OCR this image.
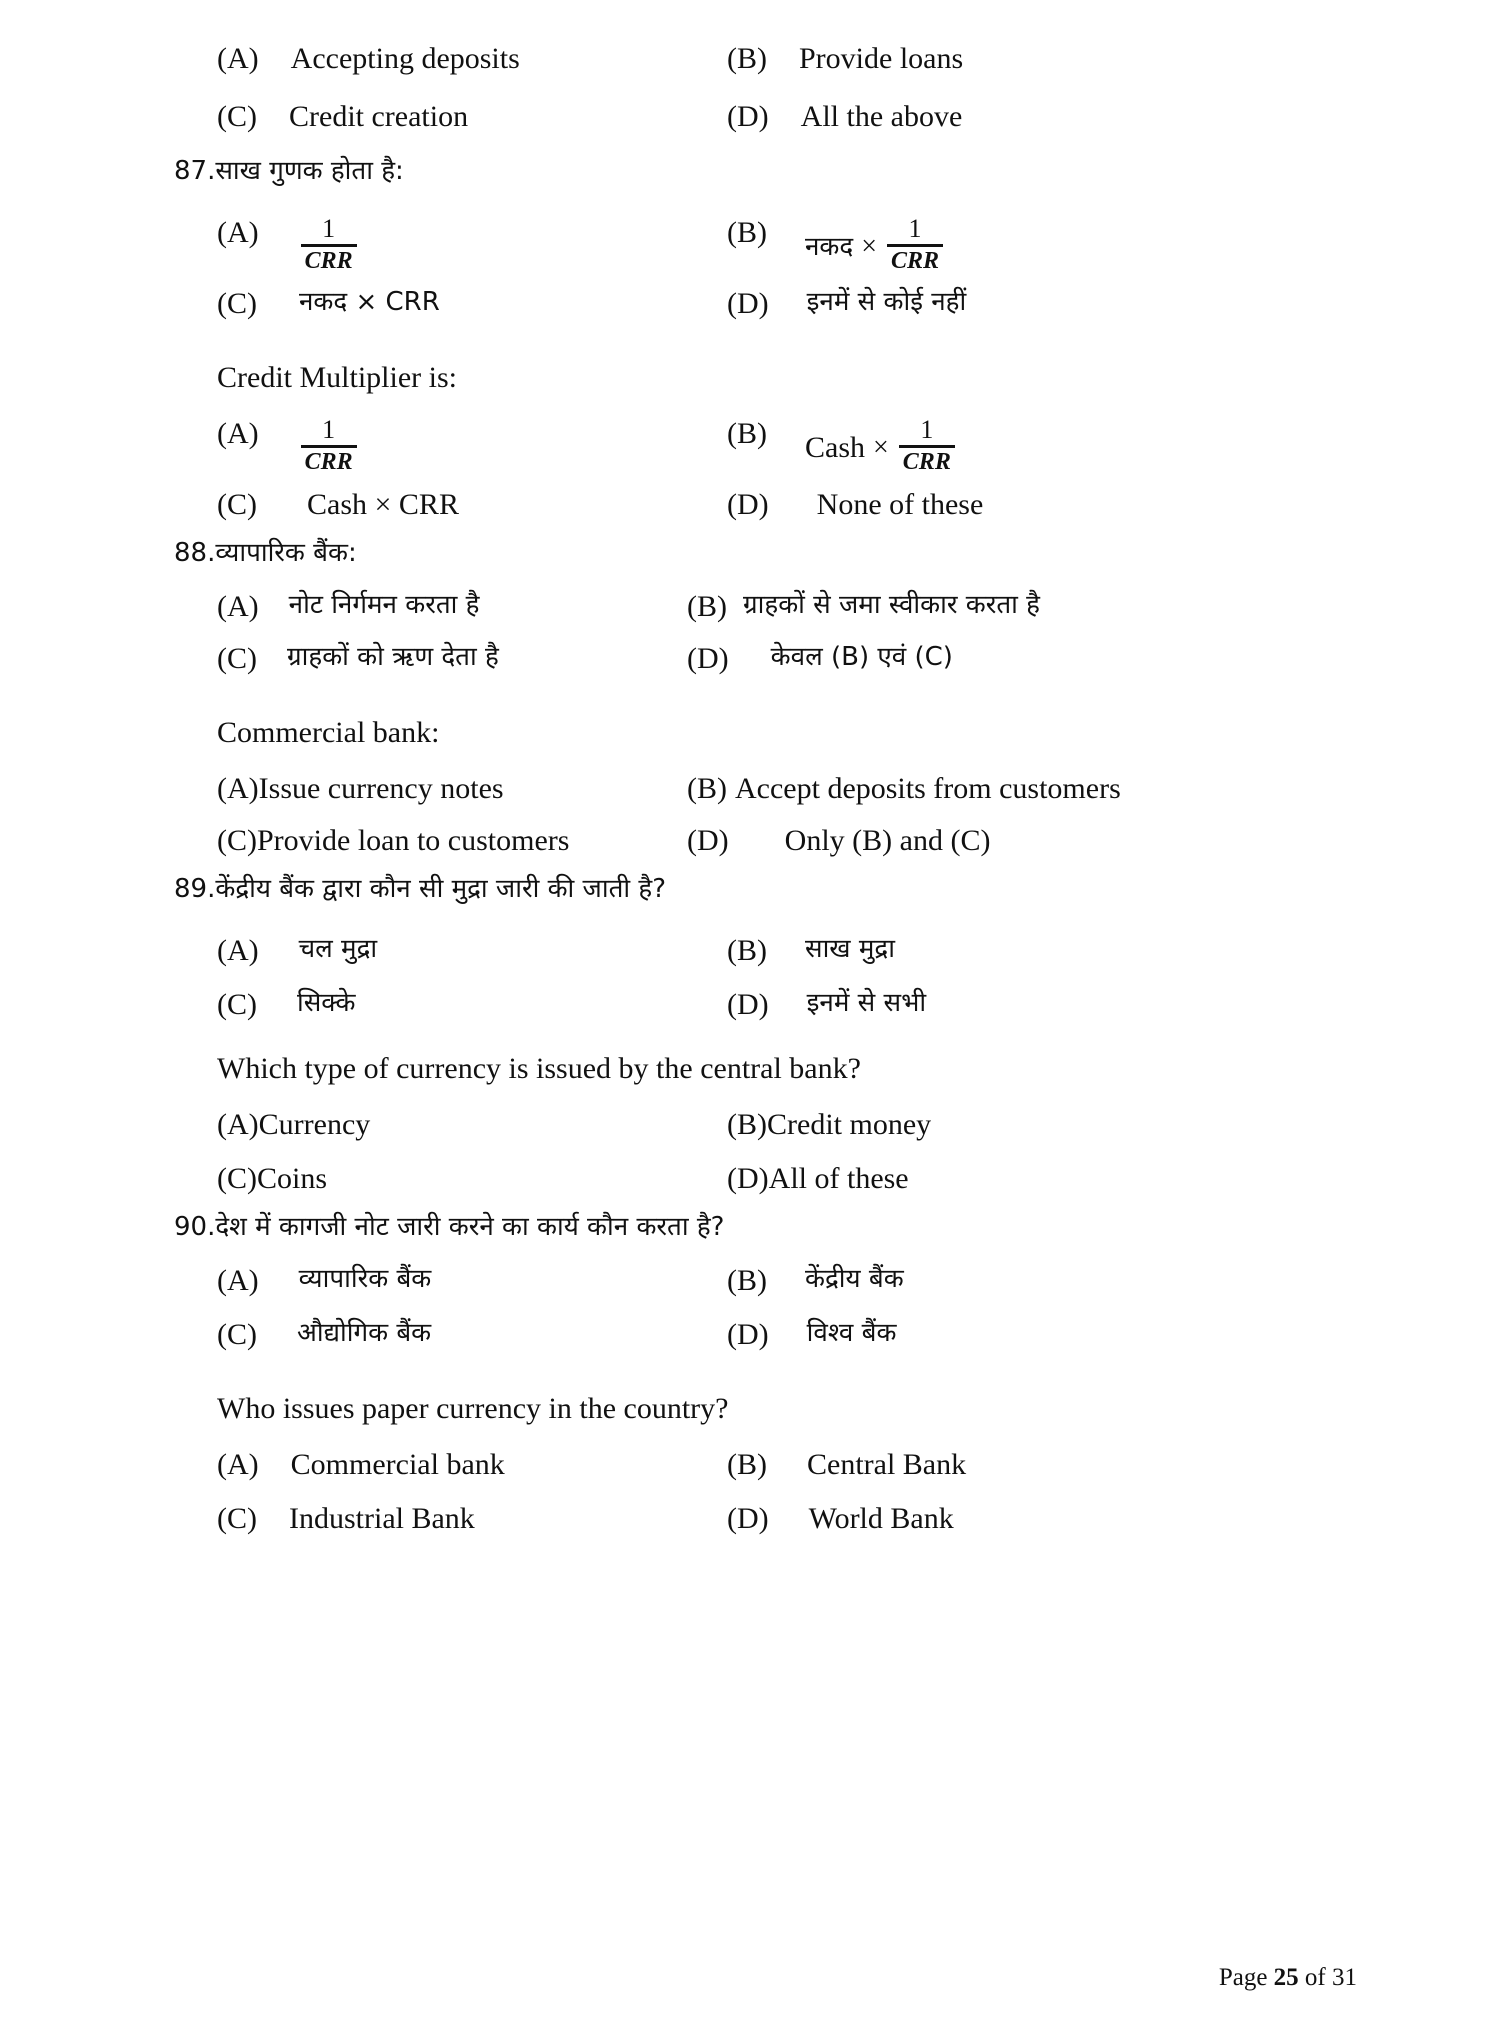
(A)	Accepting deposits	(B)	Provide loans
(C)	Credit creation	(D)	All the above
87. साख गुणक होता है:
$(A) \frac{1}{\text{CRR}}$	(B) नकद × $\frac{1}{\text{CRR}}$
(C)	नकद × CRR	(D)	इनमें से कोई नहीं
Credit Multiplier is:
$(A) \frac{1}{\text{CRR}}$	(B) Cash × $\frac{1}{\text{CRR}}$
(C)	Cash × CRR	(D)	None of these
88. व्यापारिक बैंक:
(A)	नोट निर्गमन करता है	(B) ग्राहकों से जमा स्वीकार करता है
(C)	ग्राहकों को ऋण देता है	(D)	केवल (B) एवं (C)
Commercial bank:
(A) Issue currency notes	(B) Accept deposits from customers
(C) Provide loan to customers	(D)	Only (B) and (C)
89. केंद्रीय बैंक द्वारा कौन सी मुद्रा जारी की जाती है?
(A)	चल मुद्रा	(B)	साख मुद्रा
(C)	सिक्के	(D)	इनमें से सभी
Which type of currency is issued by the central bank?
(A) Currency	(B) Credit money
(C) Coins	(D) All of these
90. देश में कागजी नोट जारी करने का कार्य कौन करता है?
(A)	व्यापारिक बैंक	(B)	केंद्रीय बैंक
(C)	औद्योगिक बैंक	(D)	विश्व बैंक
Who issues paper currency in the country?
(A)	Commercial bank	(B)	Central Bank
(C)	Industrial Bank	(D)	World Bank
Page 25 of 31
